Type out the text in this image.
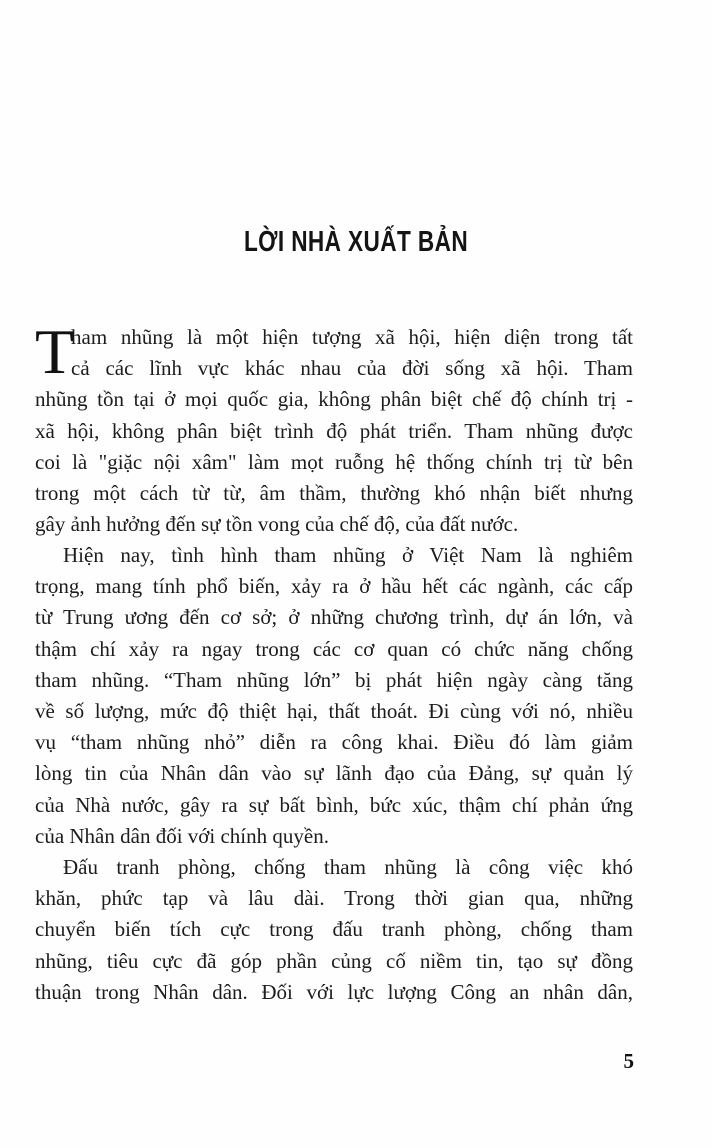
LỜI NHÀ XUẤT BẢN
T
ham nhũng là một hiện tượng xã hội, hiện diện trong tất
cả các lĩnh vực khác nhau của đời sống xã hội. Tham
nhũng tồn tại ở mọi quốc gia, không phân biệt chế độ chính trị -
xã hội, không phân biệt trình độ phát triển. Tham nhũng được
coi là "giặc nội xâm" làm mọt ruỗng hệ thống chính trị từ bên
trong một cách từ từ, âm thầm, thường khó nhận biết nhưng
gây ảnh hưởng đến sự tồn vong của chế độ, của đất nước.
Hiện nay, tình hình tham nhũng ở Việt Nam là nghiêm
trọng, mang tính phổ biến, xảy ra ở hầu hết các ngành, các cấp
từ Trung ương đến cơ sở; ở những chương trình, dự án lớn, và
thậm chí xảy ra ngay trong các cơ quan có chức năng chống
tham nhũng. “Tham nhũng lớn” bị phát hiện ngày càng tăng
về số lượng, mức độ thiệt hại, thất thoát. Đi cùng với nó, nhiều
vụ “tham nhũng nhỏ” diễn ra công khai. Điều đó làm giảm
lòng tin của Nhân dân vào sự lãnh đạo của Đảng, sự quản lý
của Nhà nước, gây ra sự bất bình, bức xúc, thậm chí phản ứng
của Nhân dân đối với chính quyền.
Đấu tranh phòng, chống tham nhũng là công việc khó
khăn, phức tạp và lâu dài. Trong thời gian qua, những
chuyển biến tích cực trong đấu tranh phòng, chống tham
nhũng, tiêu cực đã góp phần củng cố niềm tin, tạo sự đồng
thuận trong Nhân dân. Đối với lực lượng Công an nhân dân,
5
